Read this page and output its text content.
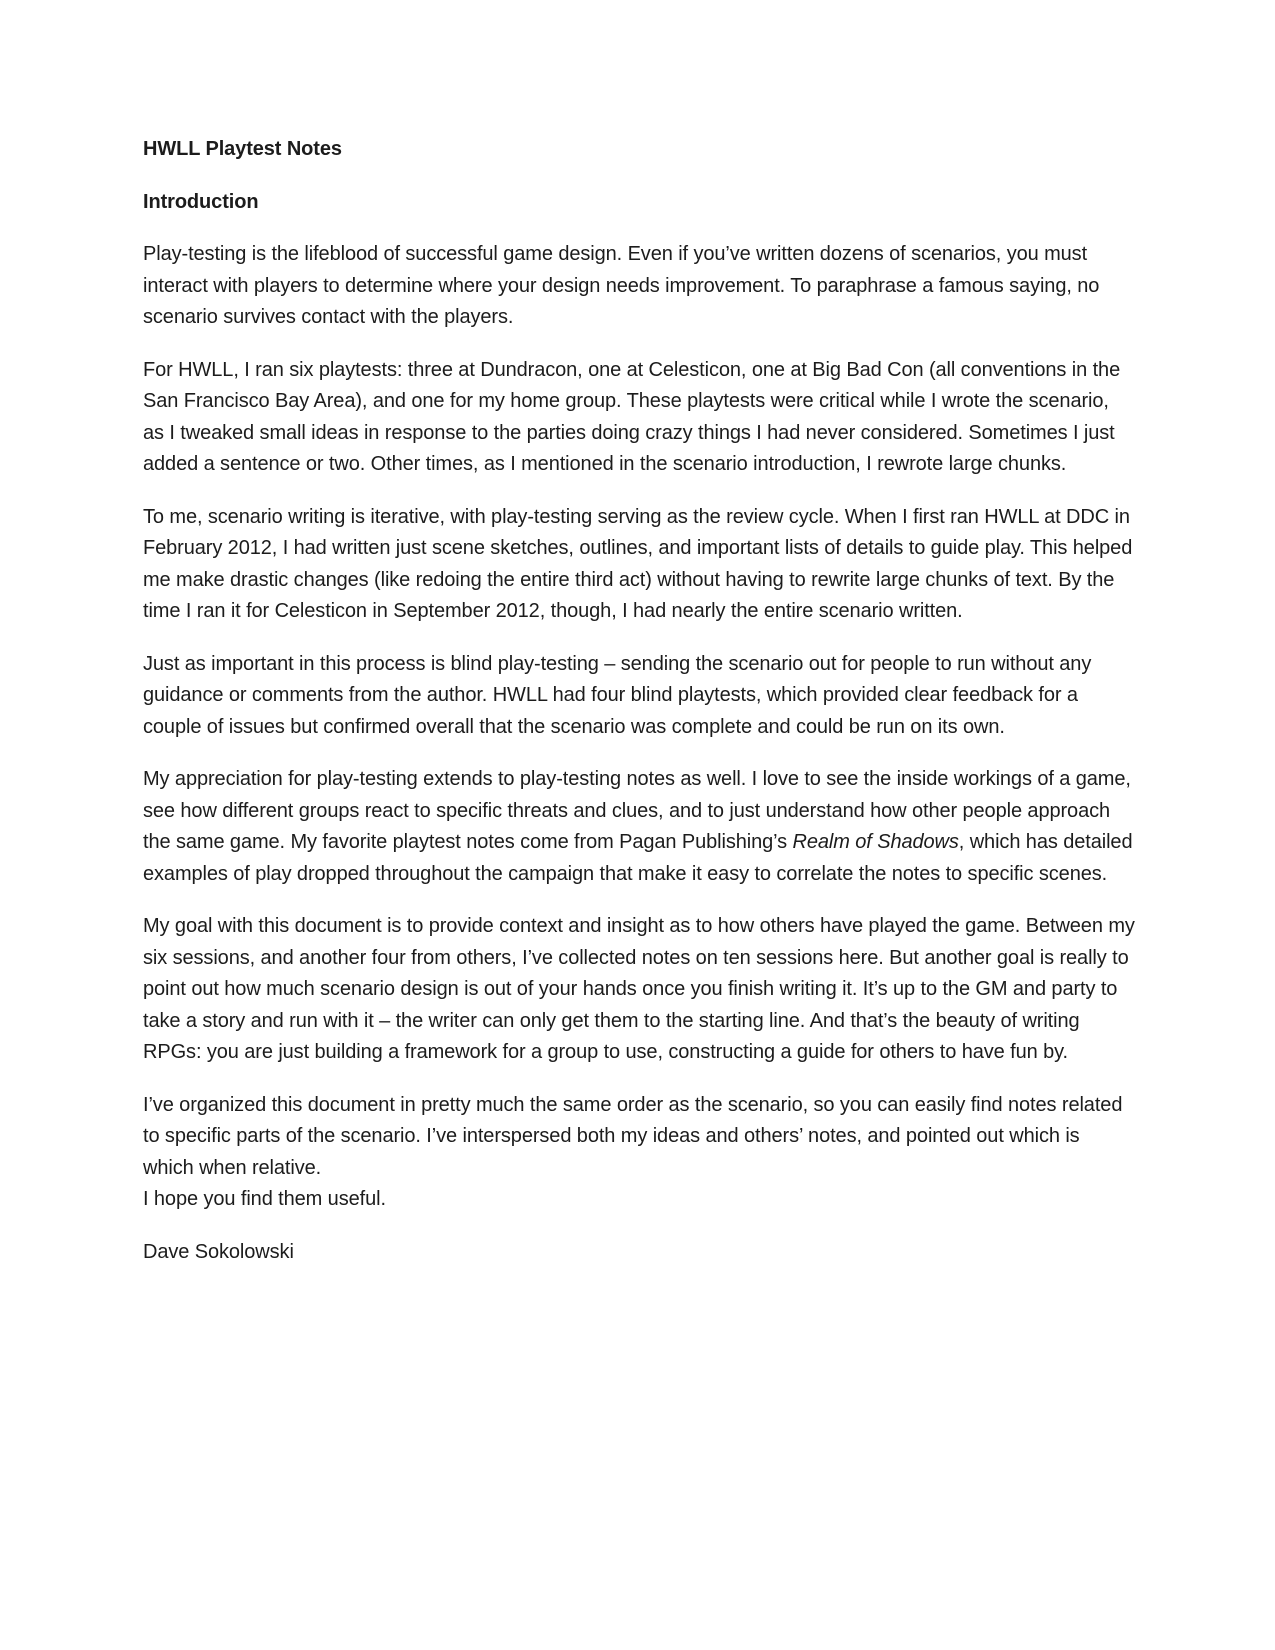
HWLL Playtest Notes

Introduction

Play-testing is the lifeblood of successful game design. Even if you’ve written dozens of scenarios, you must interact with players to determine where your design needs improvement. To paraphrase a famous saying, no scenario survives contact with the players.

For HWLL, I ran six playtests: three at Dundracon, one at Celesticon, one at Big Bad Con (all conventions in the San Francisco Bay Area), and one for my home group. These playtests were critical while I wrote the scenario, as I tweaked small ideas in response to the parties doing crazy things I had never considered. Sometimes I just added a sentence or two. Other times, as I mentioned in the scenario introduction, I rewrote large chunks.

To me, scenario writing is iterative, with play-testing serving as the review cycle. When I first ran HWLL at DDC in February 2012, I had written just scene sketches, outlines, and important lists of details to guide play. This helped me make drastic changes (like redoing the entire third act) without having to rewrite large chunks of text. By the time I ran it for Celesticon in September 2012, though, I had nearly the entire scenario written.

Just as important in this process is blind play-testing – sending the scenario out for people to run without any guidance or comments from the author. HWLL had four blind playtests, which provided clear feedback for a couple of issues but confirmed overall that the scenario was complete and could be run on its own.

My appreciation for play-testing extends to play-testing notes as well. I love to see the inside workings of a game, see how different groups react to specific threats and clues, and to just understand how other people approach the same game. My favorite playtest notes come from Pagan Publishing’s Realm of Shadows, which has detailed examples of play dropped throughout the campaign that make it easy to correlate the notes to specific scenes.

My goal with this document is to provide context and insight as to how others have played the game. Between my six sessions, and another four from others, I’ve collected notes on ten sessions here. But another goal is really to point out how much scenario design is out of your hands once you finish writing it. It’s up to the GM and party to take a story and run with it – the writer can only get them to the starting line. And that’s the beauty of writing RPGs: you are just building a framework for a group to use, constructing a guide for others to have fun by.

I’ve organized this document in pretty much the same order as the scenario, so you can easily find notes related to specific parts of the scenario. I’ve interspersed both my ideas and others’ notes, and pointed out which is which when relative.

I hope you find them useful.

Dave Sokolowski
